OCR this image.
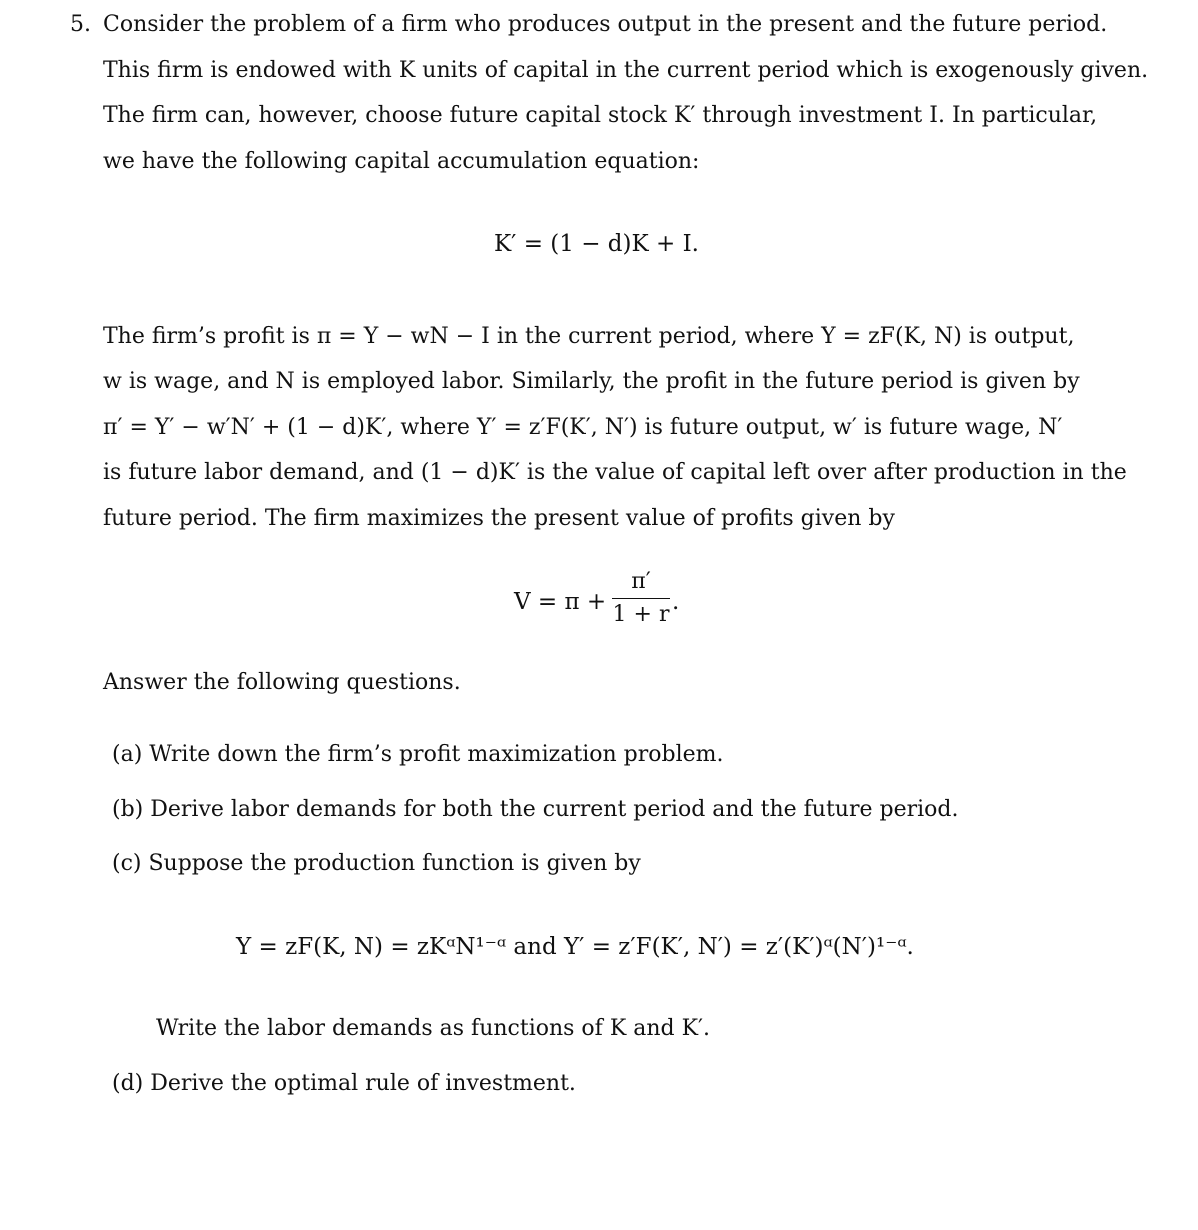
5. Consider the problem of a firm who produces output in the present and the future period.
This firm is endowed with K units of capital in the current period which is exogenously given.
The firm can, however, choose future capital stock K′ through investment I. In particular,
we have the following capital accumulation equation:
K′ = (1 − d)K + I.
The firm’s profit is π = Y − wN − I in the current period, where Y = zF(K, N) is output,
w is wage, and N is employed labor. Similarly, the profit in the future period is given by
π′ = Y′ − w′N′ + (1 − d)K′, where Y′ = z′F(K′, N′) is future output, w′ is future wage, N′
is future labor demand, and (1 − d)K′ is the value of capital left over after production in the
future period. The firm maximizes the present value of profits given by
V = π +
π′
1 + r .
Answer the following questions.
(a) Write down the firm’s profit maximization problem.
(b) Derive labor demands for both the current period and the future period.
(c) Suppose the production function is given by
Y = zF(K, N) = zKᵅN¹⁻ᵅ and Y′ = z′F(K′, N′) = z′(K′)ᵅ(N′)¹⁻ᵅ.
Write the labor demands as functions of K and K′.
(d) Derive the optimal rule of investment.
